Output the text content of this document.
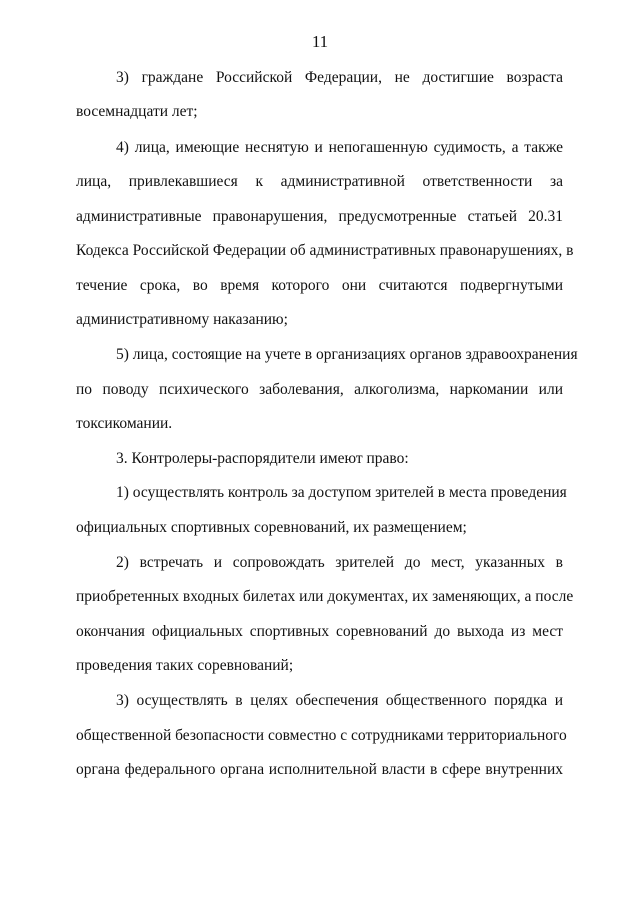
11
3) граждане Российской Федерации, не достигшие возраста
восемнадцати лет;
4) лица, имеющие неснятую и непогашенную судимость, а также
лица, привлекавшиеся к административной ответственности за
административные правонарушения, предусмотренные статьей 20.31
Кодекса Российской Федерации об административных правонарушениях, в
течение срока, во время которого они считаются подвергнутыми
административному наказанию;
5) лица, состоящие на учете в организациях органов здравоохранения
по поводу психического заболевания, алкоголизма, наркомании или
токсикомании.
3. Контролеры-распорядители имеют право:
1) осуществлять контроль за доступом зрителей в места проведения
официальных спортивных соревнований, их размещением;
2) встречать и сопровождать зрителей до мест, указанных в
приобретенных входных билетах или документах, их заменяющих, а после
окончания официальных спортивных соревнований до выхода из мест
проведения таких соревнований;
3) осуществлять в целях обеспечения общественного порядка и
общественной безопасности совместно с сотрудниками территориального
органа федерального органа исполнительной власти в сфере внутренних
